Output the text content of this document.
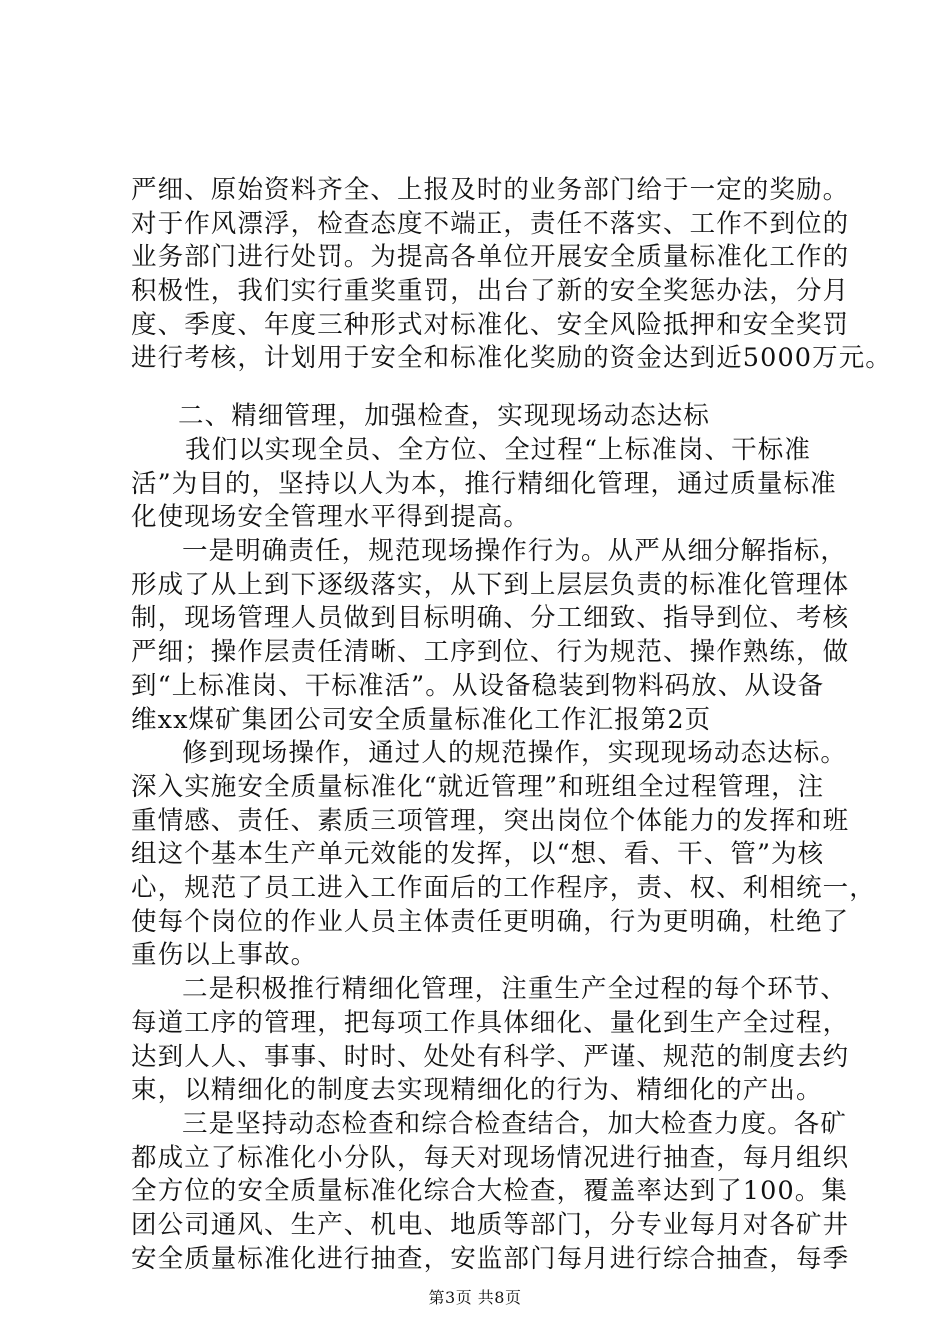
严细、原始资料齐全、上报及时的业务部门给于一定的奖励。
对于作风漂浮，检查态度不端正，责任不落实、工作不到位的
业务部门进行处罚。为提高各单位开展安全质量标准化工作的
积极性，我们实行重奖重罚，出台了新的安全奖惩办法，分月
度、季度、年度三种形式对标准化、安全风险抵押和安全奖罚
进行考核，计划用于安全和标准化奖励的资金达到近5000万元。
二、精细管理，加强检查，实现现场动态达标
我们以实现全员、全方位、全过程“上标准岗、干标准
活”为目的，坚持以人为本，推行精细化管理，通过质量标准
化使现场安全管理水平得到提高。
一是明确责任，规范现场操作行为。从严从细分解指标，
形成了从上到下逐级落实，从下到上层层负责的标准化管理体
制，现场管理人员做到目标明确、分工细致、指导到位、考核
严细；操作层责任清晰、工序到位、行为规范、操作熟练，做
到“上标准岗、干标准活”。从设备稳装到物料码放、从设备
维xx煤矿集团公司安全质量标准化工作汇报第2页
修到现场操作，通过人的规范操作，实现现场动态达标。
深入实施安全质量标准化“就近管理”和班组全过程管理，注
重情感、责任、素质三项管理，突出岗位个体能力的发挥和班
组这个基本生产单元效能的发挥，以“想、看、干、管”为核
心，规范了员工进入工作面后的工作程序，责、权、利相统一，
使每个岗位的作业人员主体责任更明确，行为更明确，杜绝了
重伤以上事故。
二是积极推行精细化管理，注重生产全过程的每个环节、
每道工序的管理，把每项工作具体细化、量化到生产全过程，
达到人人、事事、时时、处处有科学、严谨、规范的制度去约
束，以精细化的制度去实现精细化的行为、精细化的产出。
三是坚持动态检查和综合检查结合，加大检查力度。各矿
都成立了标准化小分队，每天对现场情况进行抽查，每月组织
全方位的安全质量标准化综合大检查，覆盖率达到了100。集
团公司通风、生产、机电、地质等部门，分专业每月对各矿井
安全质量标准化进行抽查，安监部门每月进行综合抽查，每季
第3页 共8页
